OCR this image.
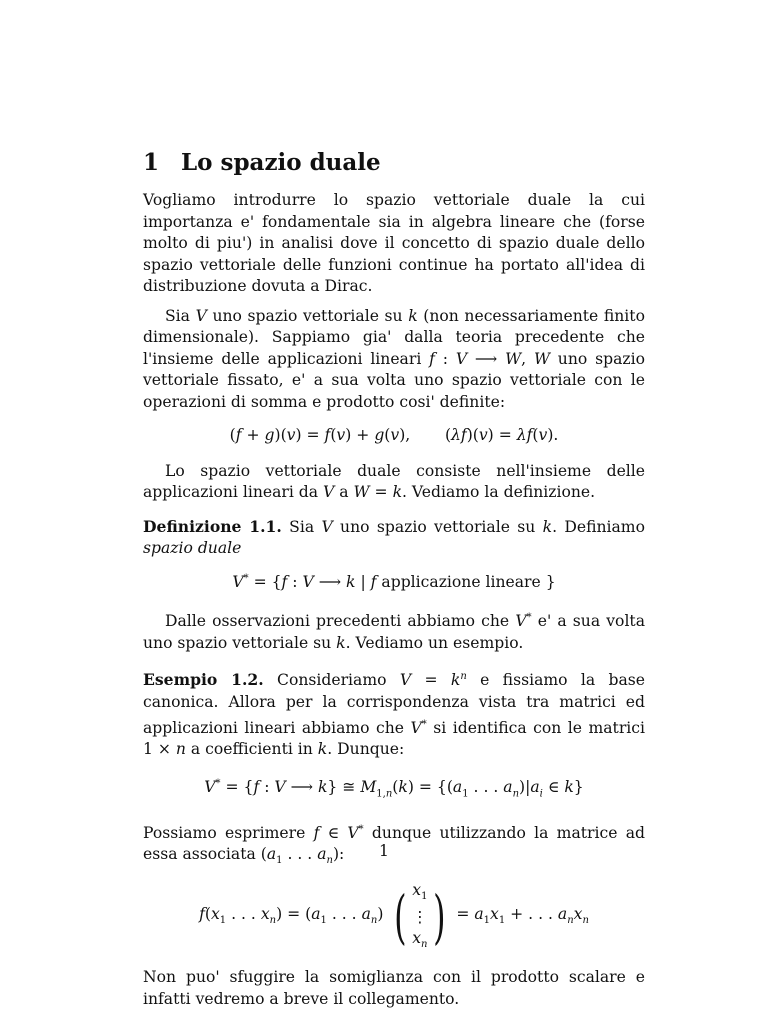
1 Lo spazio duale

Vogliamo introdurre lo spazio vettoriale duale la cui importanza e' fondamentale sia in algebra lineare che (forse molto di piu') in analisi dove il concetto di spazio duale dello spazio vettoriale delle funzioni continue ha portato all'idea di distribuzione dovuta a Dirac.

Sia V uno spazio vettoriale su k (non necessariamente finito dimensionale). Sappiamo gia' dalla teoria precedente che l'insieme delle applicazioni lineari f : V ⟶ W, W uno spazio vettoriale fissato, e' a sua volta uno spazio vettoriale con le operazioni di somma e prodotto cosi' definite:

(f + g)(v) = f(v) + g(v),       (λf)(v) = λf(v).

Lo spazio vettoriale duale consiste nell'insieme delle applicazioni lineari da V a W = k. Vediamo la definizione.

Definizione 1.1. Sia V uno spazio vettoriale su k. Definiamo spazio duale

V* = {f : V ⟶ k | f applicazione lineare }

Dalle osservazioni precedenti abbiamo che V* e' a sua volta uno spazio vettoriale su k. Vediamo un esempio.

Esempio 1.2. Consideriamo $V = k^n$ e fissiamo la base canonica. Allora per la corrispondenza vista tra matrici ed applicazioni lineari abbiamo che V* si identifica con le matrici 1 × n a coefficienti in k. Dunque:

V* = {f : V ⟶ k} ≅ $M_{1,n}(k) = \{(a_1$ . . . $a_n)|a_i$ ∈ k}

Possiamo esprimere f ∈ V* dunque utilizzando la matrice ad essa associata ($a_1$ . . . $a_n$):

$f(x_1$ . . . $x_n) = (a_1$ . . . $a_n$) ( $x_1$
⋮
$x_n$ ) = $a_1x_1$ + . . . $a_nx_n$

Non puo' sfuggire la somiglianza con il prodotto scalare e infatti vedremo a breve il collegamento.

1
